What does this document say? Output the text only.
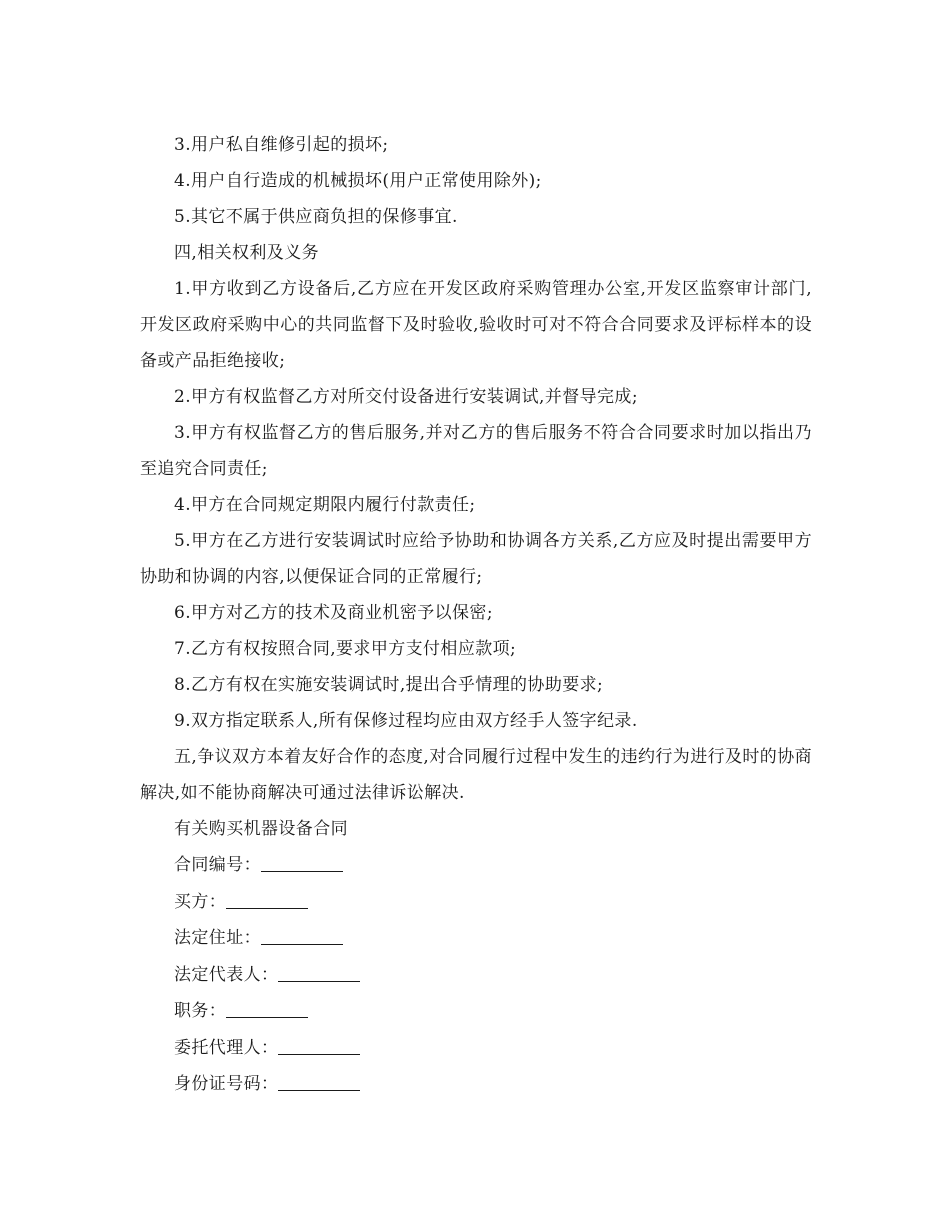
3.用户私自维修引起的损坏;

4.用户自行造成的机械损坏(用户正常使用除外);

5.其它不属于供应商负担的保修事宜.

四,相关权利及义务

1.甲方收到乙方设备后,乙方应在开发区政府采购管理办公室,开发区监察审计部门,开发区政府采购中心的共同监督下及时验收,验收时可对不符合合同要求及评标样本的设备或产品拒绝接收;

2.甲方有权监督乙方对所交付设备进行安装调试,并督导完成;

3.甲方有权监督乙方的售后服务,并对乙方的售后服务不符合合同要求时加以指出乃至追究合同责任;

4.甲方在合同规定期限内履行付款责任;

5.甲方在乙方进行安装调试时应给予协助和协调各方关系,乙方应及时提出需要甲方协助和协调的内容,以便保证合同的正常履行;

6.甲方对乙方的技术及商业机密予以保密;

7.乙方有权按照合同,要求甲方支付相应款项;

8.乙方有权在实施安装调试时,提出合乎情理的协助要求;

9.双方指定联系人,所有保修过程均应由双方经手人签字纪录.

五,争议双方本着友好合作的态度,对合同履行过程中发生的违约行为进行及时的协商解决,如不能协商解决可通过法律诉讼解决.

有关购买机器设备合同

合同编号：

买方：

法定住址：

法定代表人：

职务：

委托代理人：

身份证号码：
